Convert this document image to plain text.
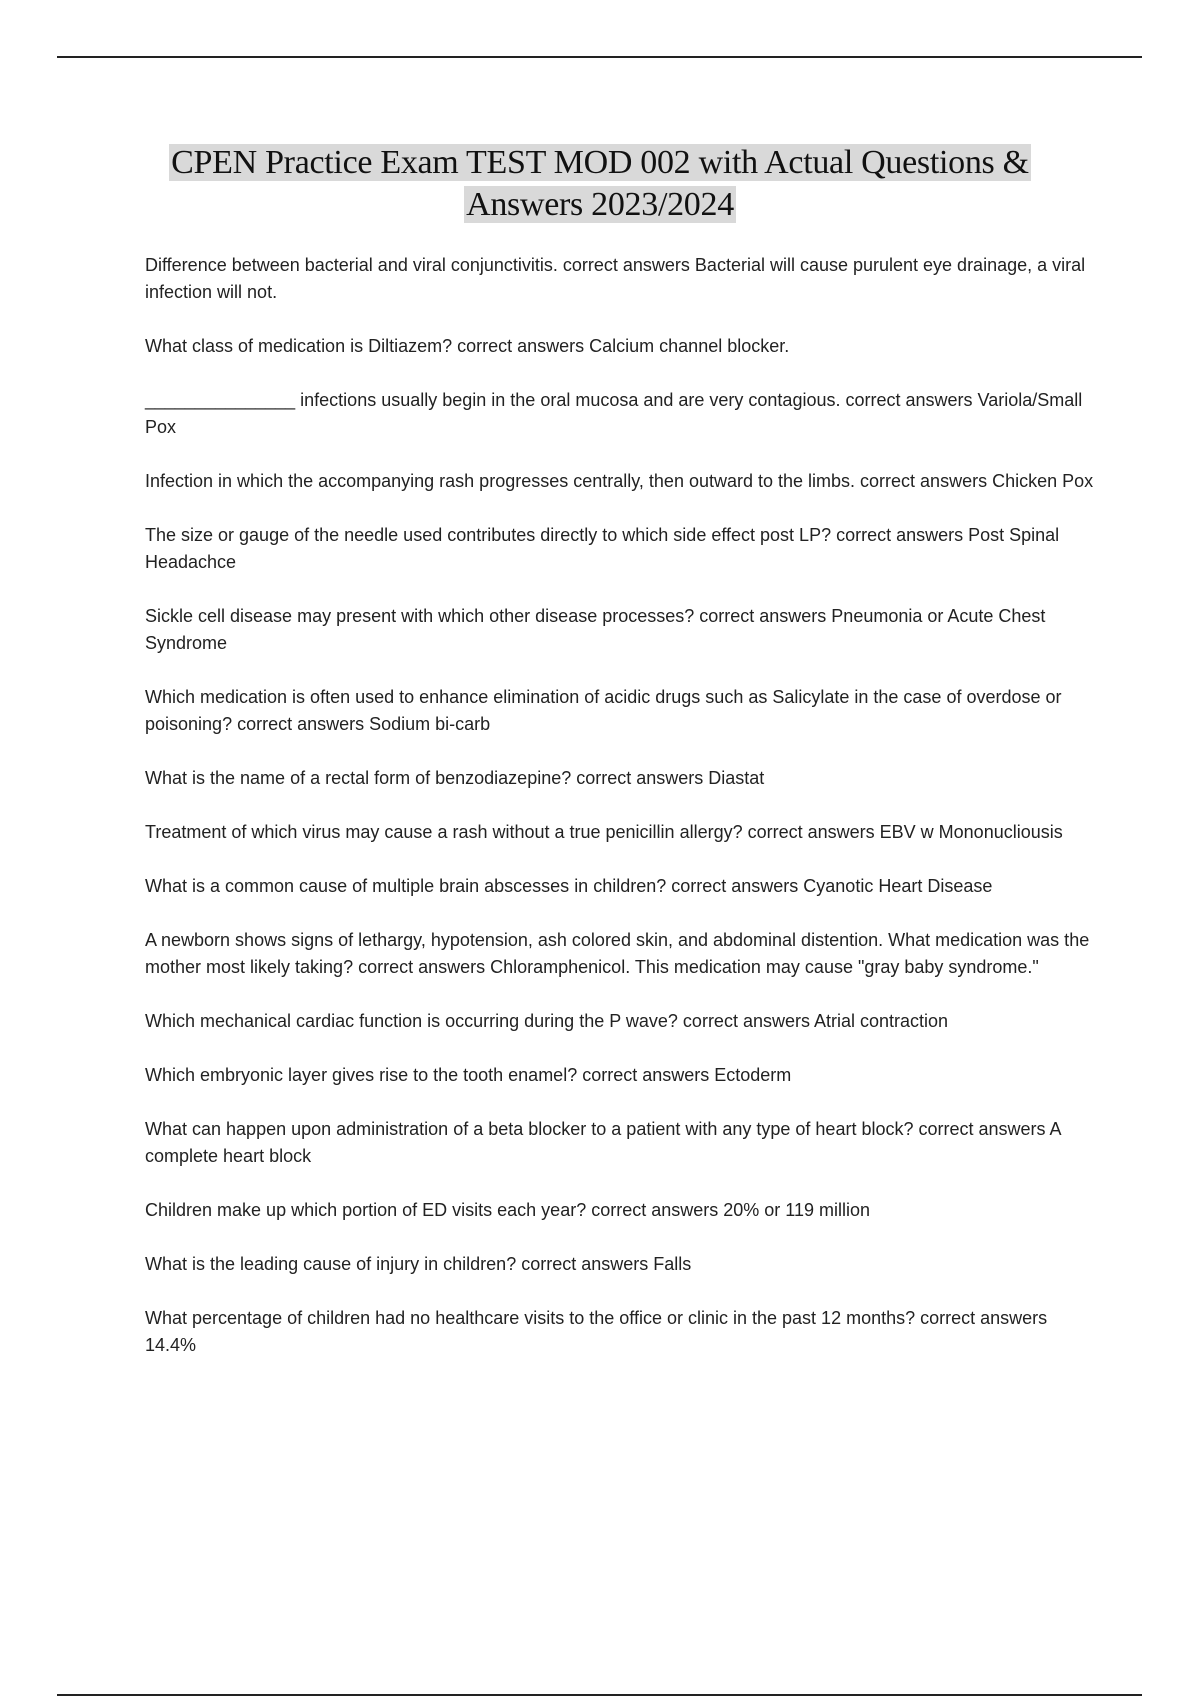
CPEN Practice Exam TEST MOD 002 with Actual Questions &
Answers 2023/2024
Difference between bacterial and viral conjunctivitis. correct answers Bacterial will cause purulent eye drainage, a viral infection will not.
What class of medication is Diltiazem? correct answers Calcium channel blocker.
_______________ infections usually begin in the oral mucosa and are very contagious. correct answers Variola/Small Pox
Infection in which the accompanying rash progresses centrally, then outward to the limbs. correct answers Chicken Pox
The size or gauge of the needle used contributes directly to which side effect post LP? correct answers Post Spinal Headachce
Sickle cell disease may present with which other disease processes? correct answers Pneumonia or Acute Chest Syndrome
Which medication is often used to enhance elimination of acidic drugs such as Salicylate in the case of overdose or poisoning? correct answers Sodium bi-carb
What is the name of a rectal form of benzodiazepine? correct answers Diastat
Treatment of which virus may cause a rash without a true penicillin allergy? correct answers EBV w Mononucliousis
What is a common cause of multiple brain abscesses in children? correct answers Cyanotic Heart Disease
A newborn shows signs of lethargy, hypotension, ash colored skin, and abdominal distention. What medication was the mother most likely taking? correct answers Chloramphenicol. This medication may cause "gray baby syndrome."
Which mechanical cardiac function is occurring during the P wave? correct answers Atrial contraction
Which embryonic layer gives rise to the tooth enamel? correct answers Ectoderm
What can happen upon administration of a beta blocker to a patient with any type of heart block? correct answers A complete heart block
Children make up which portion of ED visits each year? correct answers 20% or 119 million
What is the leading cause of injury in children? correct answers Falls
What percentage of children had no healthcare visits to the office or clinic in the past 12 months? correct answers 14.4%
